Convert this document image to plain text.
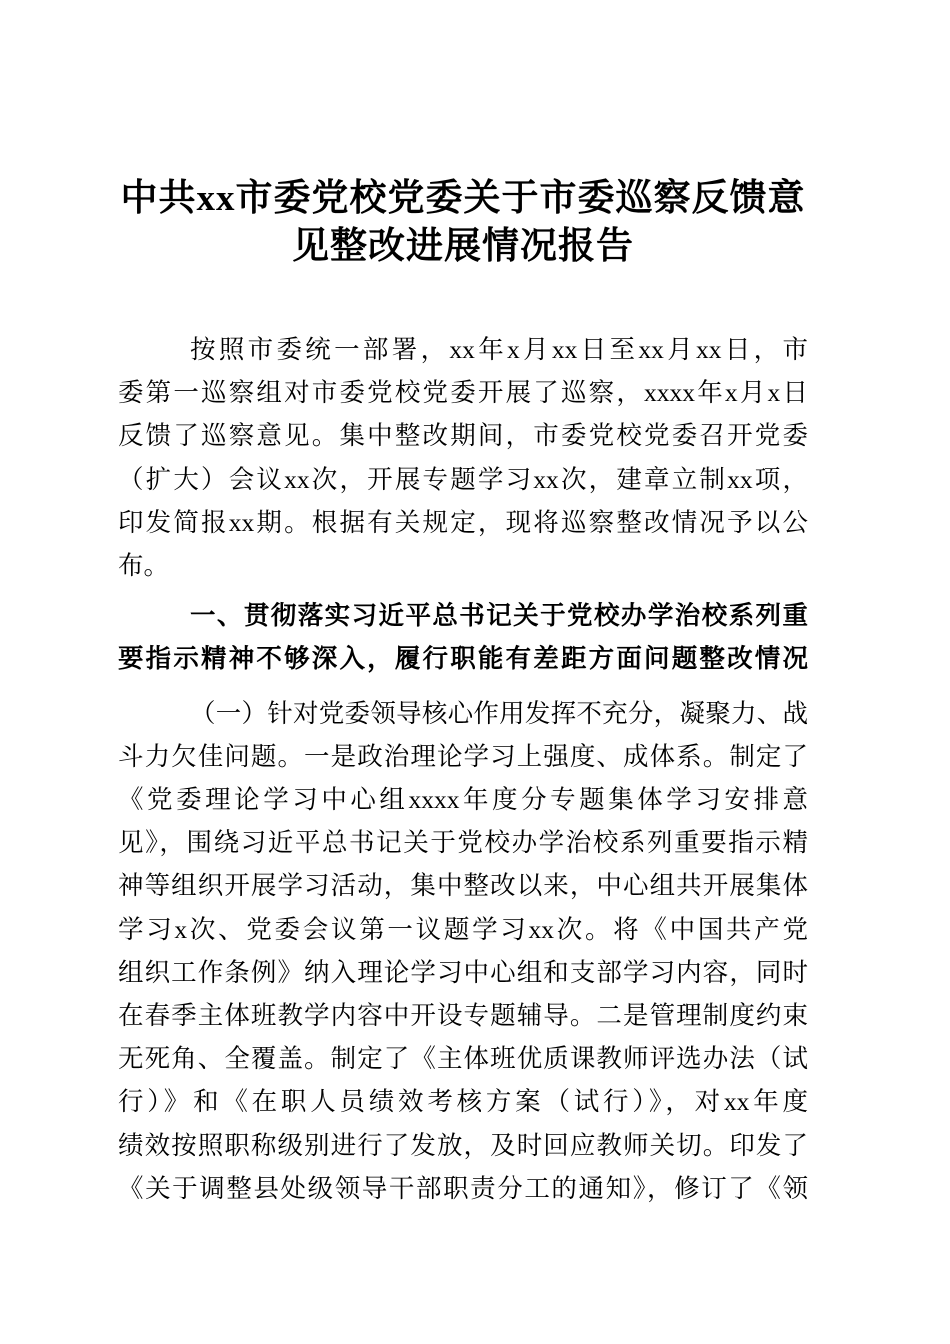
中共xx市委党校党委关于市委巡察反馈意
见整改进展情况报告
按照市委统一部署，xx年x月xx日至xx月xx日，市
委第一巡察组对市委党校党委开展了巡察，xxxx年x月x日
反馈了巡察意见。集中整改期间，市委党校党委召开党委
（扩大）会议xx次，开展专题学习xx次，建章立制xx项，
印发简报xx期。根据有关规定，现将巡察整改情况予以公
布。
一、贯彻落实习近平总书记关于党校办学治校系列重
要指示精神不够深入，履行职能有差距方面问题整改情况
（一）针对党委领导核心作用发挥不充分，凝聚力、战
斗力欠佳问题。一是政治理论学习上强度、成体系。制定了
《党委理论学习中心组xxxx年度分专题集体学习安排意
见》，围绕习近平总书记关于党校办学治校系列重要指示精
神等组织开展学习活动，集中整改以来，中心组共开展集体
学习x次、党委会议第一议题学习xx次。将《中国共产党
组织工作条例》纳入理论学习中心组和支部学习内容，同时
在春季主体班教学内容中开设专题辅导。二是管理制度约束
无死角、全覆盖。制定了《主体班优质课教师评选办法（试
行）》和《在职人员绩效考核方案（试行）》，对xx年度
绩效按照职称级别进行了发放，及时回应教师关切。印发了
《关于调整县处级领导干部职责分工的通知》，修订了《领
